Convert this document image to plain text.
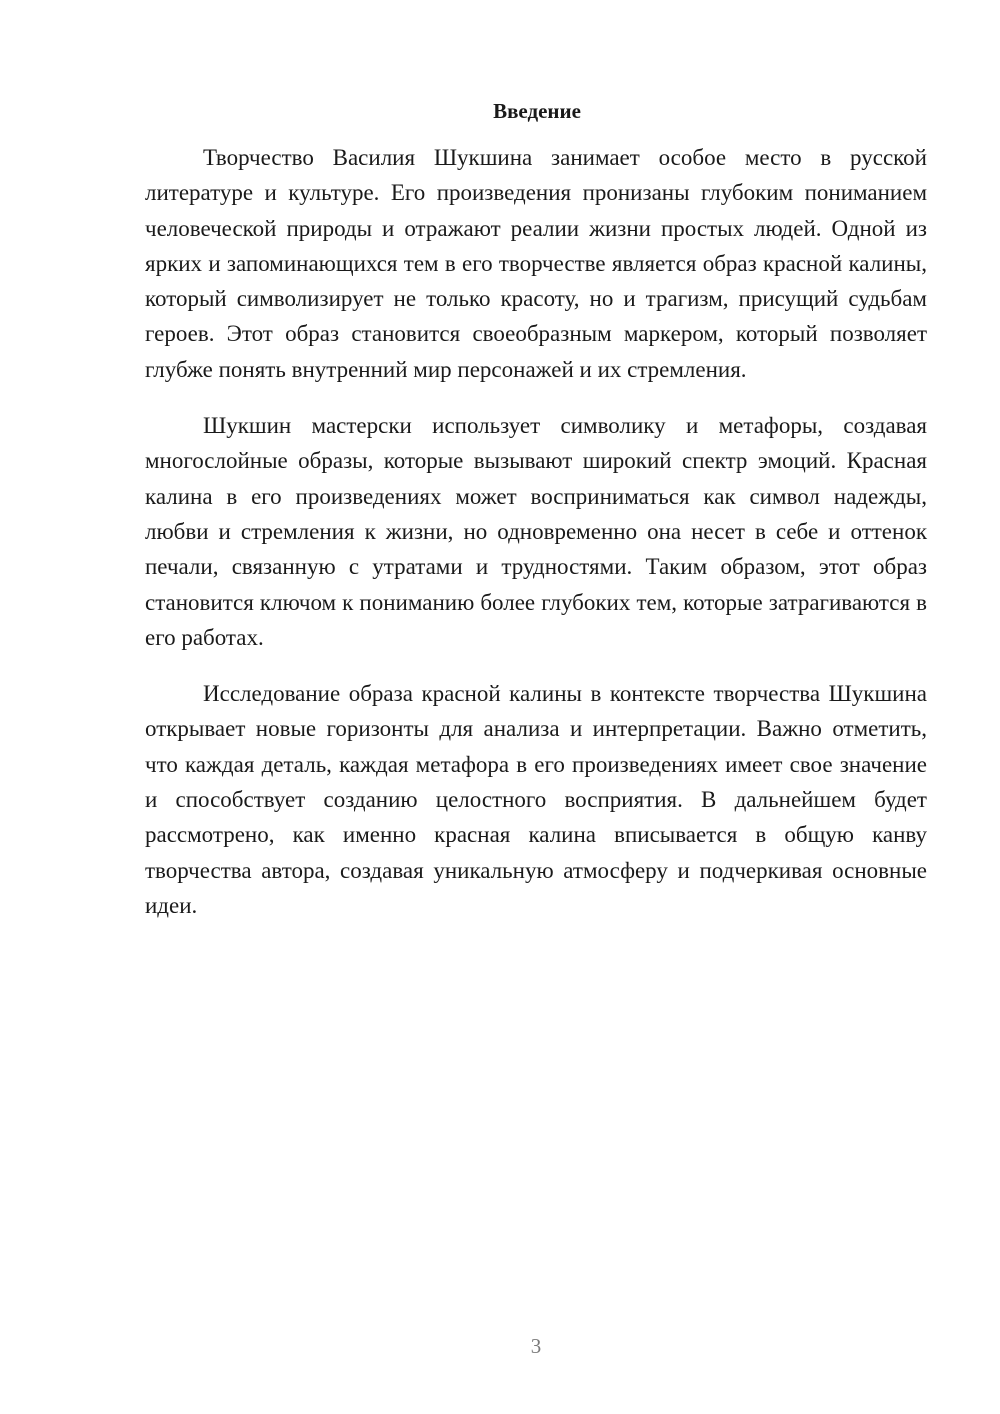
Введение

Творчество Василия Шукшина занимает особое место в русской литературе и культуре. Его произведения пронизаны глубоким пониманием человеческой природы и отражают реалии жизни простых людей. Одной из ярких и запоминающихся тем в его творчестве является образ красной калины, который символизирует не только красоту, но и трагизм, присущий судьбам героев. Этот образ становится своеобразным маркером, который позволяет глубже понять внутренний мир персонажей и их стремления.

Шукшин мастерски использует символику и метафоры, создавая многослойные образы, которые вызывают широкий спектр эмоций. Красная калина в его произведениях может восприниматься как символ надежды, любви и стремления к жизни, но одновременно она несет в себе и оттенок печали, связанную с утратами и трудностями. Таким образом, этот образ становится ключом к пониманию более глубоких тем, которые затрагиваются в его работах.

Исследование образа красной калины в контексте творчества Шукшина открывает новые горизонты для анализа и интерпретации. Важно отметить, что каждая деталь, каждая метафора в его произведениях имеет свое значение и способствует созданию целостного восприятия. В дальнейшем будет рассмотрено, как именно красная калина вписывается в общую канву творчества автора, создавая уникальную атмосферу и подчеркивая основные идеи.

3
